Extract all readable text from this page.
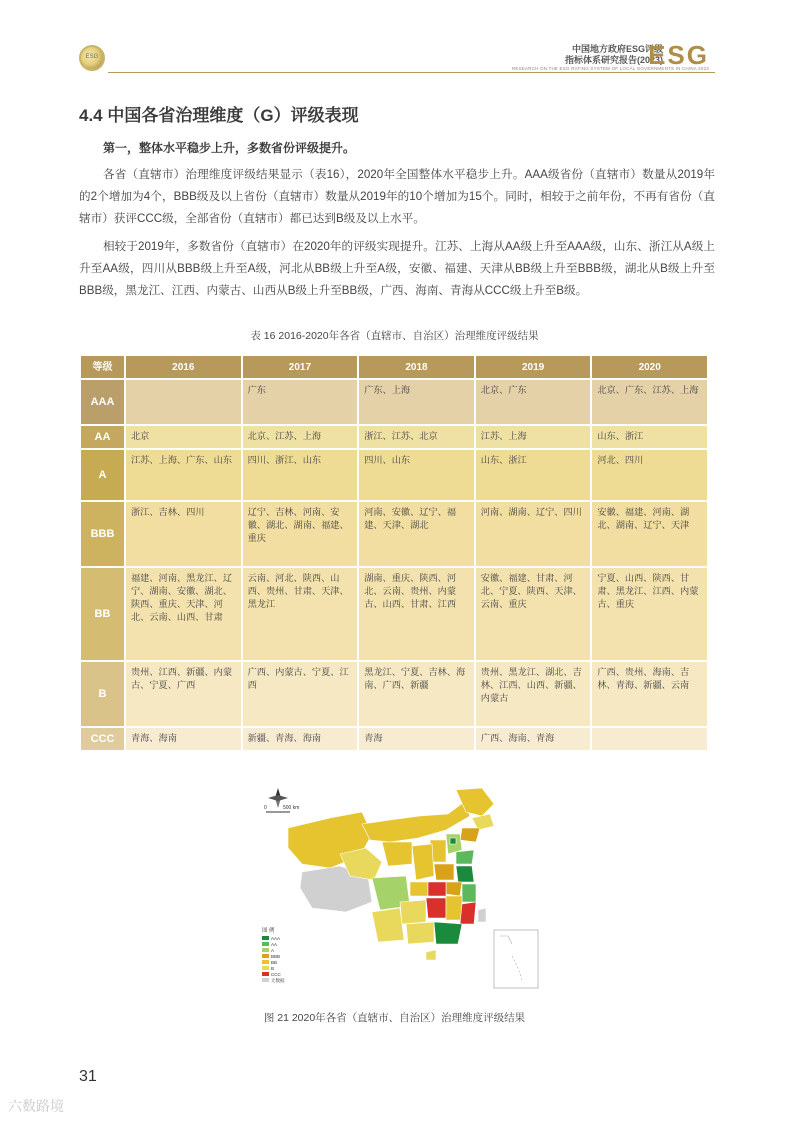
ESG
中国地方政府ESG评级
指标体系研究报告(2023)
ESG
RESEARCH ON THE ESG RATING SYSTEM OF LOCAL GOVERNMENTS IN CHINA 2023
4.4 中国各省治理维度（G）评级表现
第一，整体水平稳步上升，多数省份评级提升。
各省（直辖市）治理维度评级结果显示（表16），2020年全国整体水平稳步上升。AAA级省份（直辖市）数量从2019年的2个增加为4个，BBB级及以上省份（直辖市）数量从2019年的10个增加为15个。同时，相较于之前年份，不再有省份（直辖市）获评CCC级，全部省份（直辖市）都已达到B级及以上水平。
相较于2019年，多数省份（直辖市）在2020年的评级实现提升。江苏、上海从AA级上升至AAA级，山东、浙江从A级上升至AA级，四川从BBB级上升至A级，河北从BB级上升至A级，安徽、福建、天津从BB级上升至BBB级，湖北从B级上升至BBB级，黑龙江、江西、内蒙古、山西从B级上升至BB级，广西、海南、青海从CCC级上升至B级。
表 16 2016-2020年各省（直辖市、自治区）治理维度评级结果
等级	2016	2017	2018	2019	2020
AAA		广东	广东、上海	北京、广东	北京、广东、江苏、上海
AA	北京	北京、江苏、上海	浙江、江苏、北京	江苏、上海	山东、浙江
A	江苏、上海、广东、山东	四川、浙江、山东	四川、山东	山东、浙江	河北、四川
BBB	浙江、吉林、四川	辽宁、吉林、河南、安徽、湖北、湖南、福建、重庆	河南、安徽、辽宁、福建、天津、湖北	河南、湖南、辽宁、四川	安徽、福建、河南、湖北、湖南、辽宁、天津
BB	福建、河南、黑龙江、辽宁、湖南、安徽、湖北、陕西、重庆、天津、河北、云南、山西、甘肃	云南、河北、陕西、山西、贵州、甘肃、天津、黑龙江	湖南、重庆、陕西、河北、云南、贵州、内蒙古、山西、甘肃、江西	安徽、福建、甘肃、河北、宁夏、陕西、天津、云南、重庆	宁夏、山西、陕西、甘肃、黑龙江、江西、内蒙古、重庆
B	贵州、江西、新疆、内蒙古、宁夏、广西	广西、内蒙古、宁夏、江西	黑龙江、宁夏、吉林、海南、广西、新疆	贵州、黑龙江、湖北、吉林、江西、山西、新疆、内蒙古	广西、贵州、海南、吉林、青海、新疆、云南
CCC	青海、海南	新疆、青海、海南	青海	广西、海南、青海	
0	500 km
图 例
AAA
AA
A
BBB
BB
B
CCC
无数据
图 21 2020年各省（直辖市、自治区）治理维度评级结果
31
六数路境
